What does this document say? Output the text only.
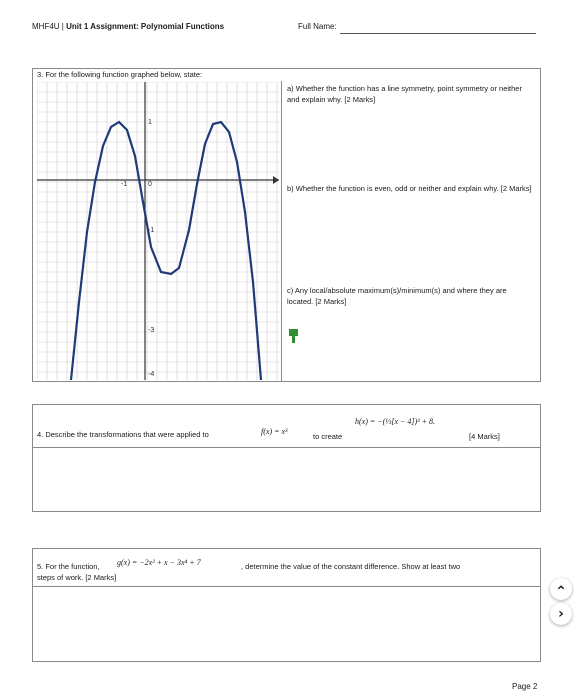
MHF4U | Unit 1 Assignment: Polynomial Functions	Full Name:
3. For the following function graphed below, state:
-1	0
1
-1
-3
-4
a) Whether the function has a line symmetry, point symmetry or neither and explain why. [2 Marks]
b) Whether the function is even, odd or neither and explain why. [2 Marks]
c) Any local/absolute maximum(s)/minimum(s) and where they are located. [2 Marks]
4. Describe the transformations that were applied to	f(x) = x³
to create
h(x) = −(⅓[x − 4])³ + 8.
[4 Marks]
5. For the function, g(x) = −2x² + x − 3x⁴ + 7	, determine the value of the constant difference. Show at least two
steps of work. [2 Marks]
Page 2
⌃
›
